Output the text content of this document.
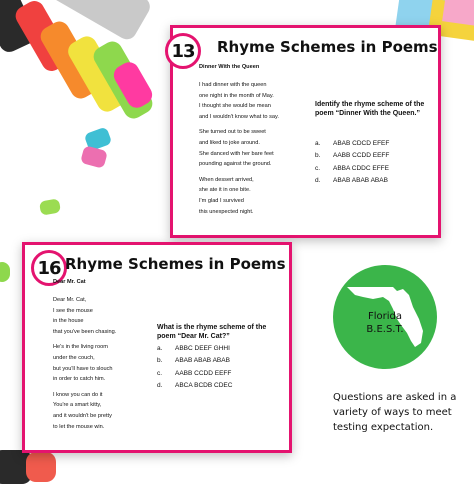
13 Rhyme Schemes in Poems
Dinner With the Queen
I had dinner with the queen
one night in the month of May.
I thought she would be mean
and I wouldn't know what to say.
She turned out to be sweet
and liked to joke around.
She danced with her bare feet
pounding against the ground.
When dessert arrived,
she ate it in one bite.
I'm glad I survived
this unexpected night.
Identify the rhyme scheme of the poem “Dinner With the Queen.”
a.	ABAB CDCD EFEF
b.	AABB CCDD EEFF
c.	ABBA CDDC EFFE
d.	ABAB ABAB ABAB
16 Rhyme Schemes in Poems
Dear Mr. Cat
Dear Mr. Cat,
I see the mouse
in the house
that you've been chasing.
He's in the living room
under the couch,
but you'll have to slouch
in order to catch him.
I know you can do it
You're a smart kitty,
and it wouldn't be pretty
to let the mouse win.
What is the rhyme scheme of the poem “Dear Mr. Cat?”
a.	ABBC DEEF GHHI
b.	ABAB ABAB ABAB
c.	AABB CCDD EEFF
d.	ABCA BCDB CDEC
Florida
B.E.S.T.
Questions are asked in a variety of ways to meet testing expectation.
